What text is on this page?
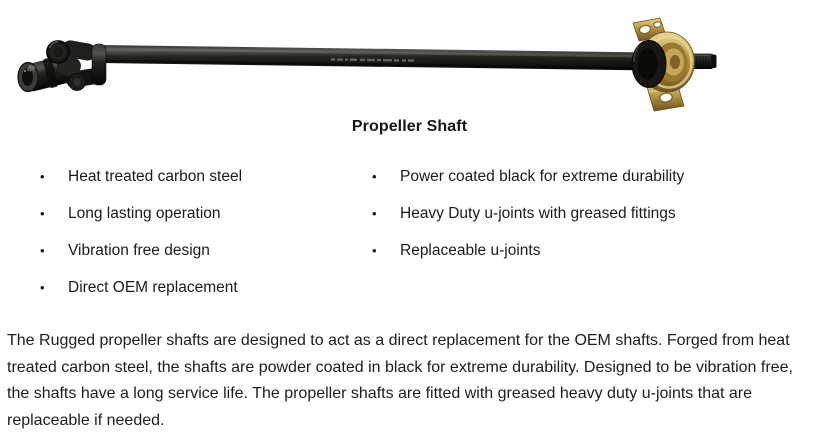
Propeller Shaft
•	Heat treated carbon steel
•	Long lasting operation
•	Vibration free design
•	Direct OEM replacement
•	Power coated black for extreme durability
•	Heavy Duty u-joints with greased fittings
•	Replaceable u-joints

The Rugged propeller shafts are designed to act as a direct replacement for the OEM shafts. Forged from heat treated carbon steel, the shafts are powder coated in black for extreme durability. Designed to be vibration free, the shafts have a long service life. The propeller shafts are fitted with greased heavy duty u-joints that are replaceable if needed.
